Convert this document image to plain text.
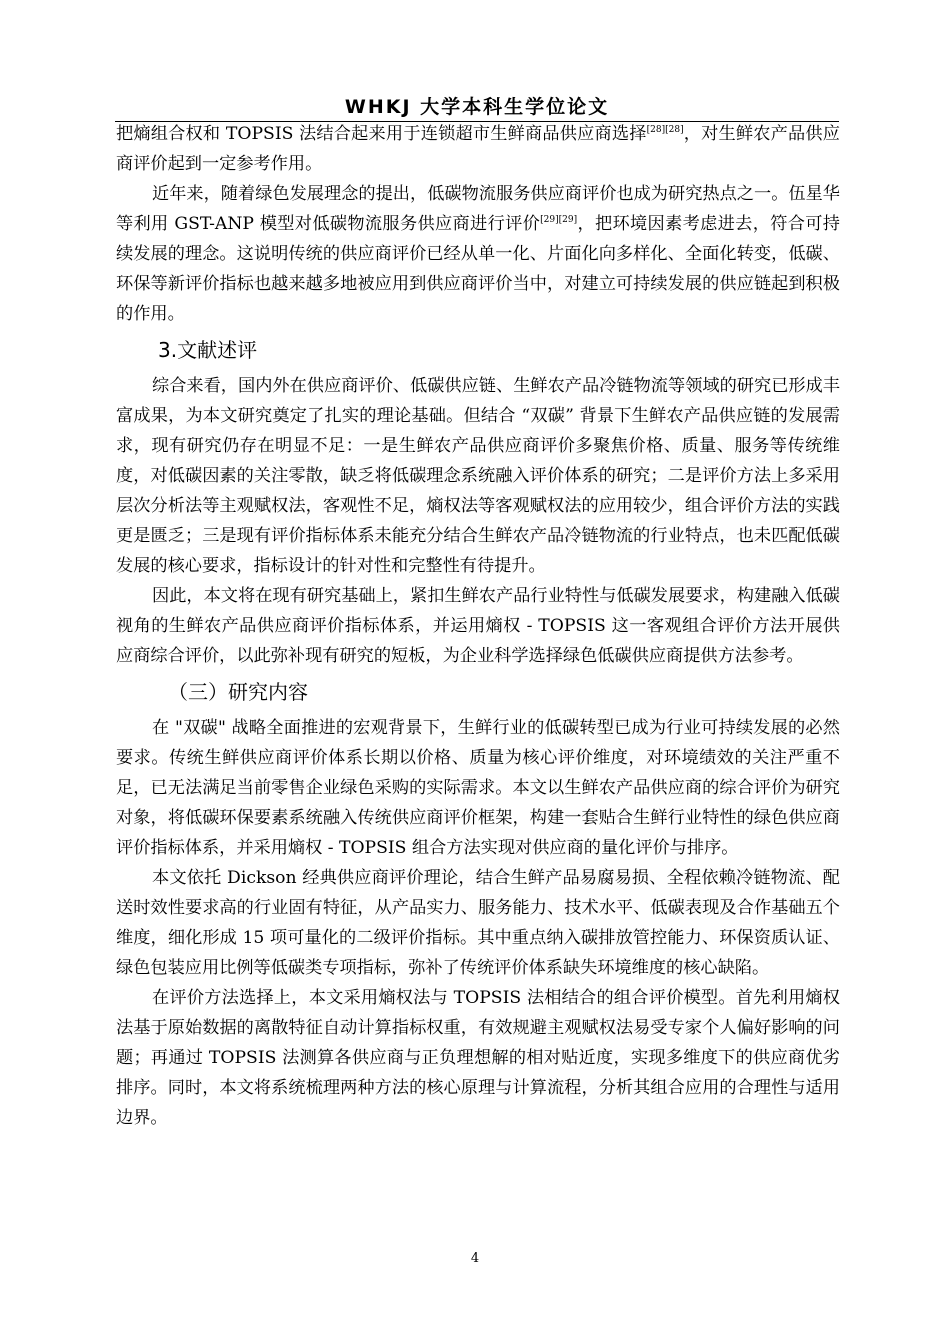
WHKJ 大学本科生学位论文

把熵组合权和 TOPSIS 法结合起来用于连锁超市生鲜商品供应商选择[28][28]，对生鲜农产品供应商评价起到一定参考作用。

近年来，随着绿色发展理念的提出，低碳物流服务供应商评价也成为研究热点之一。伍星华等利用 GST-ANP 模型对低碳物流服务供应商进行评价[29][29]，把环境因素考虑进去，符合可持续发展的理念。这说明传统的供应商评价已经从单一化、片面化向多样化、全面化转变，低碳、环保等新评价指标也越来越多地被应用到供应商评价当中，对建立可持续发展的供应链起到积极的作用。

3.文献述评

综合来看，国内外在供应商评价、低碳供应链、生鲜农产品冷链物流等领域的研究已形成丰富成果，为本文研究奠定了扎实的理论基础。但结合 “双碳” 背景下生鲜农产品供应链的发展需求，现有研究仍存在明显不足：一是生鲜农产品供应商评价多聚焦价格、质量、服务等传统维度，对低碳因素的关注零散，缺乏将低碳理念系统融入评价体系的研究；二是评价方法上多采用层次分析法等主观赋权法，客观性不足，熵权法等客观赋权法的应用较少，组合评价方法的实践更是匮乏；三是现有评价指标体系未能充分结合生鲜农产品冷链物流的行业特点，也未匹配低碳发展的核心要求，指标设计的针对性和完整性有待提升。

因此，本文将在现有研究基础上，紧扣生鲜农产品行业特性与低碳发展要求，构建融入低碳视角的生鲜农产品供应商评价指标体系，并运用熵权 - TOPSIS 这一客观组合评价方法开展供应商综合评价，以此弥补现有研究的短板，为企业科学选择绿色低碳供应商提供方法参考。

（三）研究内容

在 "双碳" 战略全面推进的宏观背景下，生鲜行业的低碳转型已成为行业可持续发展的必然要求。传统生鲜供应商评价体系长期以价格、质量为核心评价维度，对环境绩效的关注严重不足，已无法满足当前零售企业绿色采购的实际需求。本文以生鲜农产品供应商的综合评价为研究对象，将低碳环保要素系统融入传统供应商评价框架，构建一套贴合生鲜行业特性的绿色供应商评价指标体系，并采用熵权 - TOPSIS 组合方法实现对供应商的量化评价与排序。

本文依托 Dickson 经典供应商评价理论，结合生鲜产品易腐易损、全程依赖冷链物流、配送时效性要求高的行业固有特征，从产品实力、服务能力、技术水平、低碳表现及合作基础五个维度，细化形成 15 项可量化的二级评价指标。其中重点纳入碳排放管控能力、环保资质认证、绿色包装应用比例等低碳类专项指标，弥补了传统评价体系缺失环境维度的核心缺陷。

在评价方法选择上，本文采用熵权法与 TOPSIS 法相结合的组合评价模型。首先利用熵权法基于原始数据的离散特征自动计算指标权重，有效规避主观赋权法易受专家个人偏好影响的问题；再通过 TOPSIS 法测算各供应商与正负理想解的相对贴近度，实现多维度下的供应商优劣排序。同时，本文将系统梳理两种方法的核心原理与计算流程，分析其组合应用的合理性与适用边界。

4
